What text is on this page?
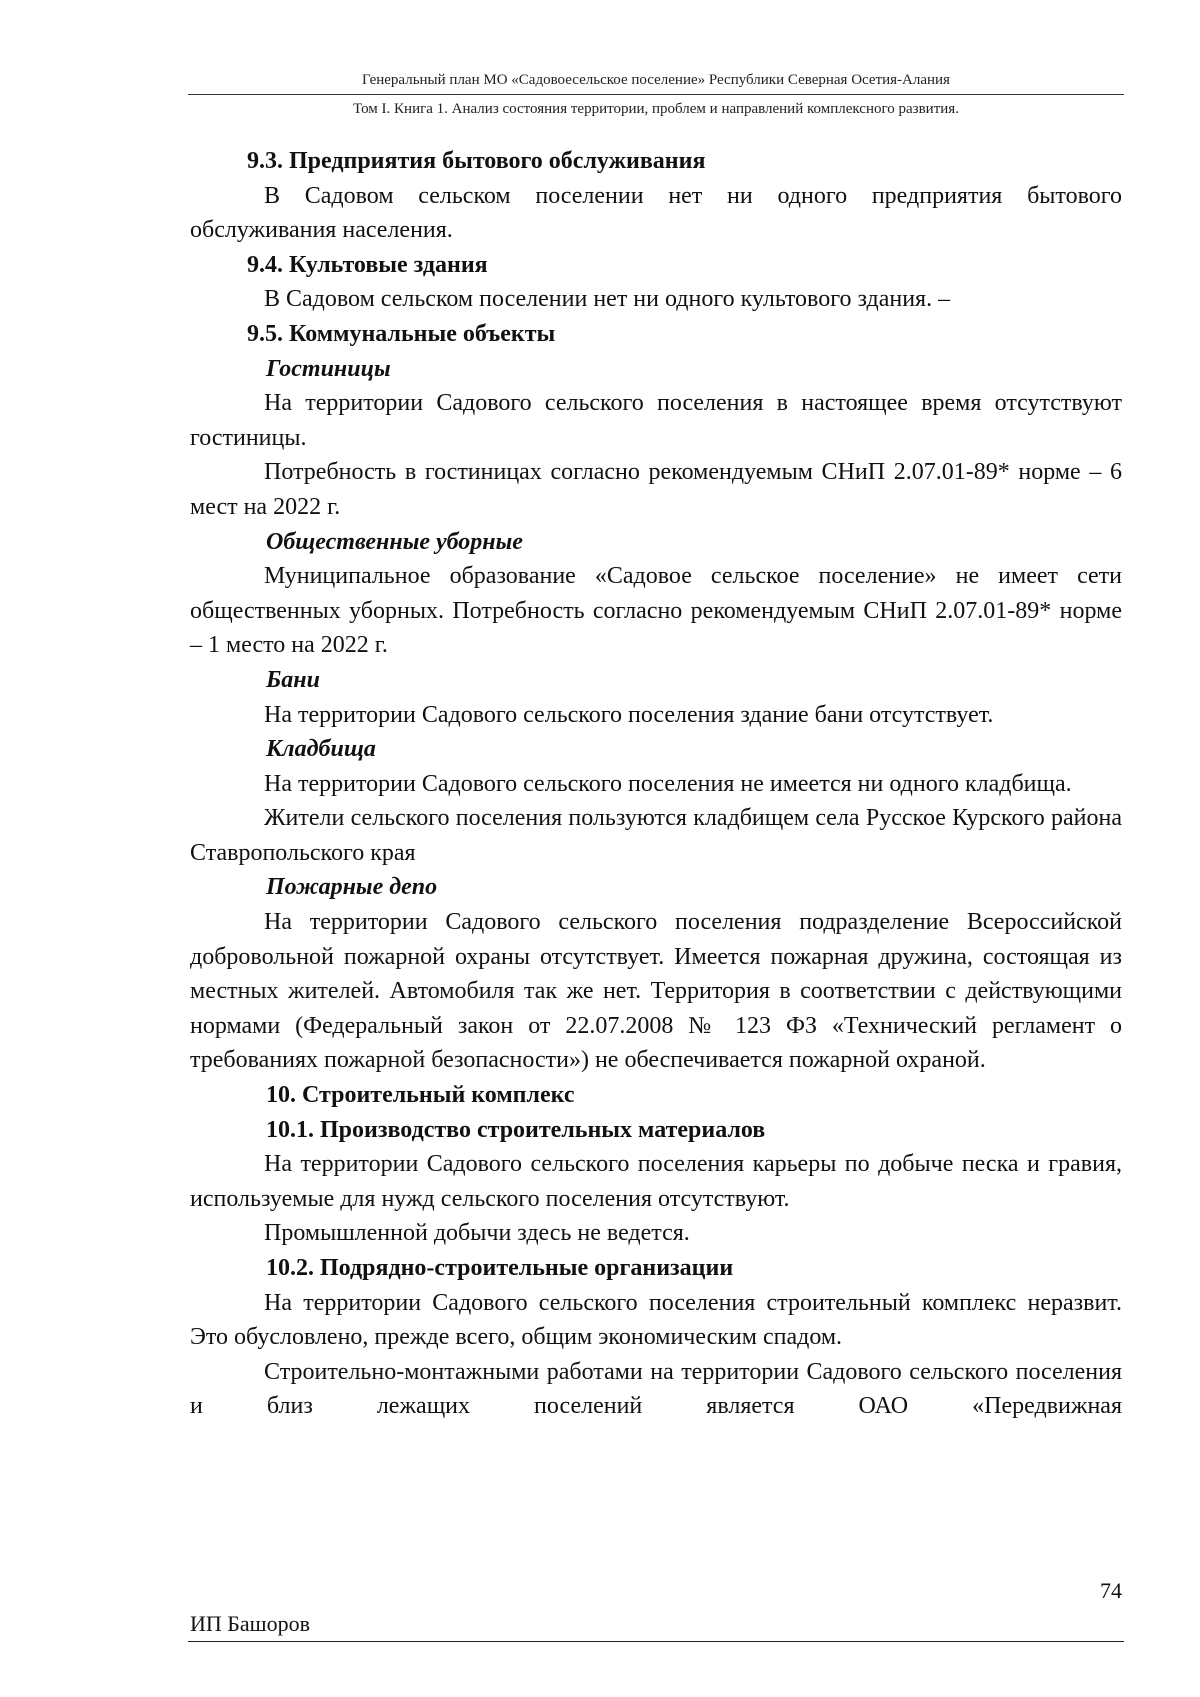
Генеральный план МО «Садовоесельское поселение» Республики Северная Осетия-Алания
Том I. Книга 1. Анализ состояния территории, проблем и направлений комплексного развития.
9.3. Предприятия бытового обслуживания
В Садовом сельском поселении нет ни одного предприятия бытового обслуживания населения.
9.4. Культовые здания
В Садовом сельском поселении нет ни одного культового здания. –
9.5. Коммунальные объекты
Гостиницы
На территории Садового сельского поселения в настоящее время отсутствуют гостиницы.
Потребность в гостиницах согласно рекомендуемым СНиП 2.07.01-89* норме – 6 мест на 2022 г.
Общественные уборные
Муниципальное образование «Садовое сельское поселение» не имеет сети общественных уборных. Потребность согласно рекомендуемым СНиП 2.07.01-89* норме – 1 место на 2022 г.
Бани
На территории Садового сельского поселения здание бани отсутствует.
Кладбища
На территории Садового сельского поселения не имеется ни одного кладбища.
Жители сельского поселения пользуются кладбищем села Русское Курского района Ставропольского края
Пожарные депо
На территории Садового сельского поселения подразделение Всероссийской добровольной пожарной охраны отсутствует. Имеется пожарная дружина, состоящая из местных жителей. Автомобиля так же нет. Территория в соответствии с действующими нормами (Федеральный закон от 22.07.2008 № 123 ФЗ «Технический регламент о требованиях пожарной безопасности») не обеспечивается пожарной охраной.
10. Строительный комплекс
10.1. Производство строительных материалов
На территории Садового сельского поселения карьеры по добыче песка и гравия, используемые для нужд сельского поселения отсутствуют.
Промышленной добычи здесь не ведется.
10.2. Подрядно-строительные организации
На территории Садового сельского поселения строительный комплекс неразвит. Это обусловлено, прежде всего, общим экономическим спадом.
Строительно-монтажными работами на территории Садового сельского поселения и близ лежащих поселений является ОАО «Передвижная
74
ИП Башоров
